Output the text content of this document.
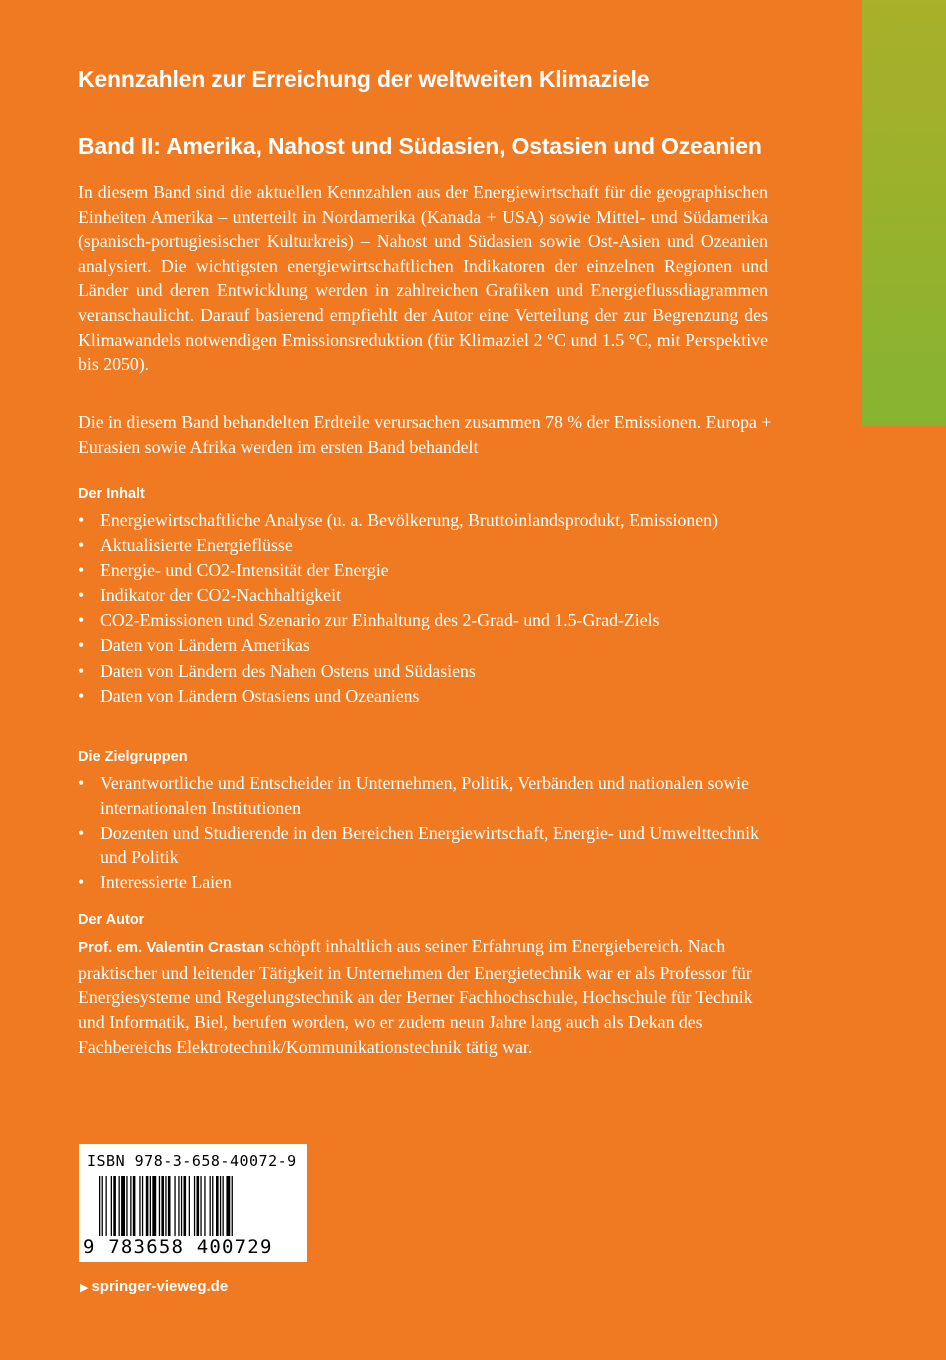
Kennzahlen zur Erreichung der weltweiten Klimaziele
Band II: Amerika, Nahost und Südasien, Ostasien und Ozeanien

In diesem Band sind die aktuellen Kennzahlen aus der Energiewirtschaft für die geographischen Einheiten Amerika – unterteilt in Nordamerika (Kanada + USA) sowie Mittel- und Südamerika (spanisch-portugiesischer Kulturkreis) – Nahost und Südasien sowie Ost-Asien und Ozeanien analysiert. Die wichtigsten energiewirtschaftlichen Indikatoren der einzelnen Regionen und Länder und deren Entwicklung werden in zahlreichen Grafiken und Energieflussdiagrammen veranschaulicht. Darauf basierend empfiehlt der Autor eine Verteilung der zur Begrenzung des Klimawandels notwendigen Emissionsreduktion (für Klimaziel 2 °C und 1.5 °C, mit Perspektive bis 2050).

Die in diesem Band behandelten Erdteile verursachen zusammen 78 % der Emissionen. Europa + Eurasien sowie Afrika werden im ersten Band behandelt

Der Inhalt

• Energiewirtschaftliche Analyse (u. a. Bevölkerung, Bruttoinlandsprodukt, Emissionen)
• Aktualisierte Energieflüsse
• Energie- und CO2-Intensität der Energie
• Indikator der CO2-Nachhaltigkeit
• CO2-Emissionen und Szenario zur Einhaltung des 2-Grad- und 1.5-Grad-Ziels
• Daten von Ländern Amerikas
• Daten von Ländern des Nahen Ostens und Südasiens
• Daten von Ländern Ostasiens und Ozeaniens

Die Zielgruppen

• Verantwortliche und Entscheider in Unternehmen, Politik, Verbänden und nationalen sowie internationalen Institutionen
• Dozenten und Studierende in den Bereichen Energiewirtschaft, Energie- und Umwelttechnik und Politik
• Interessierte Laien

Der Autor

Prof. em. Valentin Crastan schöpft inhaltlich aus seiner Erfahrung im Energiebereich. Nach praktischer und leitender Tätigkeit in Unternehmen der Energietechnik war er als Professor für Energiesysteme und Regelungstechnik an der Berner Fachhochschule, Hochschule für Technik und Informatik, Biel, berufen worden, wo er zudem neun Jahre lang auch als Dekan des Fachbereichs Elektrotechnik/Kommunikationstechnik tätig war.

ISBN 978-3-658-40072-9
9 783658 400729
▶ springer-vieweg.de
